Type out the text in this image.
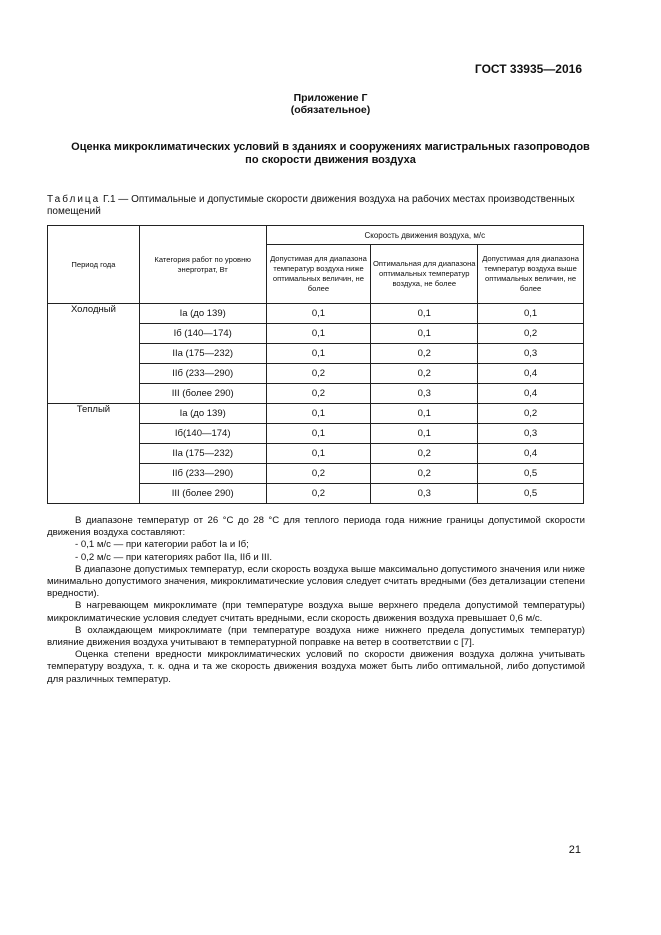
ГОСТ 33935—2016
Приложение Г
(обязательное)
Оценка микроклиматических условий в зданиях и сооружениях магистральных газопроводов
по скорости движения воздуха
Таблица Г.1 — Оптимальные и допустимые скорости движения воздуха на рабочих местах производственных помещений
Период года	Категория работ по уровню энерготрат, Вт	Скорость движения воздуха, м/с		
		Допустимая для диапазона температур воздуха ниже оптимальных величин, не более	Оптимальная для диапазона оптимальных температур воздуха, не более	Допустимая для диапазона температур воздуха выше оптимальных величин, не более
Холодный	Iа (до 139)	0,1	0,1	0,1
	Iб (140—174)	0,1	0,1	0,2
	IIа (175—232)	0,1	0,2	0,3
	IIб (233—290)	0,2	0,2	0,4
	III (более 290)	0,2	0,3	0,4
Теплый	Iа (до 139)	0,1	0,1	0,2
	Iб(140—174)	0,1	0,1	0,3
	IIа (175—232)	0,1	0,2	0,4
	IIб (233—290)	0,2	0,2	0,5
	III (более 290)	0,2	0,3	0,5

В диапазоне температур от 26 °С до 28 °С для теплого периода года нижние границы допустимой скорости движения воздуха составляют:

- 0,1 м/с — при категории работ Iа и Iб;

- 0,2 м/с — при категориях работ IIа, IIб и III.

В диапазоне допустимых температур, если скорость воздуха выше максимально допустимого значения или ниже минимально допустимого значения, микроклиматические условия следует считать вредными (без детализации степени вредности).

В нагревающем микроклимате (при температуре воздуха выше верхнего предела допустимой температуры) микроклиматические условия следует считать вредными, если скорость движения воздуха превышает 0,6 м/с.

В охлаждающем микроклимате (при температуре воздуха ниже нижнего предела допустимых температур) влияние движения воздуха учитывают в температурной поправке на ветер в соответствии с [7].

Оценка степени вредности микроклиматических условий по скорости движения воздуха должна учитывать температуру воздуха, т. к. одна и та же скорость движения воздуха может быть либо оптимальной, либо допустимой для различных температур.

21
